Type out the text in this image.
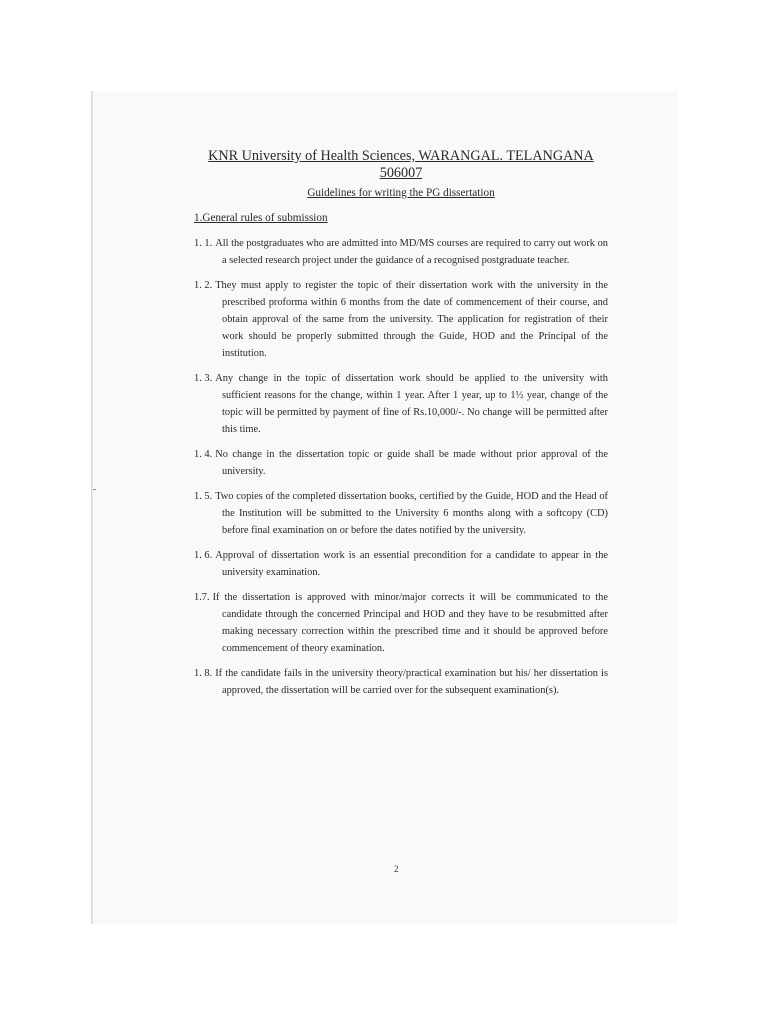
KNR University of Health Sciences, WARANGAL. TELANGANA
506007

Guidelines for writing the PG dissertation

1.General rules of submission

1. 1. All the postgraduates who are admitted into MD/MS courses are required to carry out work on a selected research project under the guidance of a recognised postgraduate teacher.
1. 2. They must apply to register the topic of their dissertation work with the university in the prescribed proforma within 6 months from the date of commencement of their course, and obtain approval of the same from the university. The application for registration of their work should be properly submitted through the Guide, HOD and the Principal of the institution.
1. 3. Any change in the topic of dissertation work should be applied to the university with sufficient reasons for the change, within 1 year. After 1 year, up to 1½ year, change of the topic will be permitted by payment of fine of Rs.10,000/-. No change will be permitted after this time.
1. 4. No change in the dissertation topic or guide shall be made without prior approval of the university.
1. 5. Two copies of the completed dissertation books, certified by the Guide, HOD and the Head of the Institution will be submitted to the University 6 months along with a softcopy (CD) before final examination on or before the dates notified by the university.
1. 6. Approval of dissertation work is an essential precondition for a candidate to appear in the university examination.
1.7. If the dissertation is approved with minor/major corrects it will be communicated to the candidate through the concerned Principal and HOD and they have to be resubmitted after making necessary correction within the prescribed time and it should be approved before commencement of theory examination.
1. 8. If the candidate fails in the university theory/practical examination but his/ her dissertation is approved, the dissertation will be carried over for the subsequent examination(s).
2
